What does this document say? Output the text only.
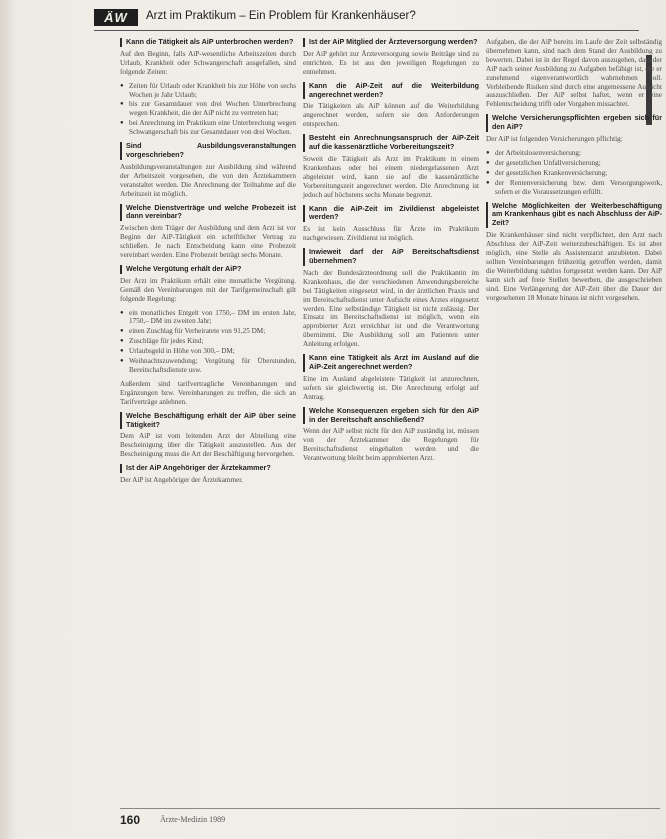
ÄW	Arzt im Praktikum – Ein Problem für Krankenhäuser?
Kann die Tätigkeit als AiP unterbrochen werden?
Auf den Beginn, falls AiP-wesentliche Arbeitszeiten durch Urlaub, Krankheit oder Schwangerschaft ausgefallen, sind folgende Zeiten:
● Zeiten für Urlaub oder Krankheit bis zur Höhe von sechs Wochen je Jahr Urlaub;
● bis zur Gesamtdauer von drei Wochen Unterbrechung wegen Krankheit, die der AiP nicht zu vertreten hat;
● bei Anrechnung im Praktikum eine Unterbrechung wegen Schwangerschaft bis zur Gesamtdauer von drei Wochen.
Sind Ausbildungsveranstaltungen vorgeschrieben?
Ausbildungsveranstaltungen zur Ausbildung sind während der Arbeitszeit vorgesehen, die von den Ärztekammern veranstaltet werden. Die Anrechnung der Teilnahme auf die Arbeitszeit ist möglich.
Welche Dienstverträge und welche Probezeit ist dann vereinbar?
Zwischen dem Träger der Ausbildung und dem Arzt ist vor Beginn der AiP-Tätigkeit ein schriftlicher Vertrag zu schließen. Je nach Entscheidung kann eine Probezeit vereinbart werden. Eine Probezeit beträgt sechs Monate.
Welche Vergütung erhält der AiP?
Der Arzt im Praktikum erhält eine monatliche Vergütung. Gemäß den Vereinbarungen mit der Tarifgemeinschaft gilt folgende Regelung:
● ein monatliches Entgelt von 1750,– DM im ersten Jahr, 1750,– DM im zweiten Jahr;
● einen Zuschlag für Verheiratete von 91,25 DM;
● Zuschläge für jedes Kind;
● Urlaubsgeld in Höhe von 300,– DM;
● Weihnachtszuwendung; Vergütung für Überstunden, Bereitschaftsdienste usw.
Außerdem sind tarifvertragliche Vereinbarungen und Ergänzungen bzw. Vereinbarungen zu treffen, die sich an Tarifverträge anlehnen.
Welche Beschäftigung erhält der AiP über seine Tätigkeit?
Dem AiP ist vom leitenden Arzt der Abteilung eine Bescheinigung über die Tätigkeit auszustellen. Aus der Bescheinigung muss die Art der Beschäftigung hervorgehen.
Ist der AiP Angehöriger der Ärztekammer?
Der AiP ist Angehöriger der Ärztekammer.
Ist der AiP Mitglied der Ärzteversorgung werden?
Der AiP gehört zur Ärzteversorgung sowie Beiträge sind zu entrichten. Es ist aus den jeweiligen Regelungen zu entnehmen.
Kann die AiP-Zeit auf die Weiterbildung angerechnet werden?
Die Tätigkeiten als AiP können auf die Weiterbildung angerechnet werden, sofern sie den Anforderungen entsprechen.
Besteht ein Anrechnungsanspruch der AiP-Zeit auf die kassenärztliche Vorbereitungszeit?
Soweit die Tätigkeit als Arzt im Praktikum in einem Krankenhaus oder bei einem niedergelassenen Arzt abgeleistet wird, kann sie auf die kassenärztliche Vorbereitungszeit angerechnet werden. Die Anrechnung ist jedoch auf höchstens sechs Monate begrenzt.
Kann die AiP-Zeit im Zivildienst abgeleistet werden?
Es ist kein Ausschluss für Ärzte im Praktikum nachgewiesen. Zivildienst ist möglich.
Inwieweit darf der AiP Bereitschaftsdienst übernehmen?
Nach der Bundesärzteordnung soll die Praktikantin im Krankenhaus, die der verschiedenen Anwendungsbereiche bei Tätigkeiten eingesetzt wird, in der ärztlichen Praxis und im Bereitschaftsdienst unter Aufsicht eines Arztes eingesetzt werden. Eine selbständige Tätigkeit ist nicht zulässig. Der Einsatz im Bereitschaftsdienst ist möglich, wenn ein approbierter Arzt erreichbar ist und die Verantwortung übernimmt. Die Ausbildung soll am Patienten unter Anleitung erfolgen.
Kann eine Tätigkeit als Arzt im Ausland auf die AiP-Zeit angerechnet werden?
Eine im Ausland abgeleistete Tätigkeit ist anzurechnen, sofern sie gleichwertig ist. Die Anrechnung erfolgt auf Antrag.
Welche Konsequenzen ergeben sich für den AiP in der Bereitschaft anschließend?
Wenn der AiP selbst nicht für den AiP zuständig ist, müssen von der Ärztekammer die Regelungen für Bereitschaftsdienst eingehalten werden und die Verantwortung bleibt beim approbierten Arzt.
Aufgaben, die der AiP bereits im Laufe der Zeit selbständig übernehmen kann, sind nach dem Stand der Ausbildung zu bewerten. Dabei ist in der Regel davon auszugehen, dass der AiP nach seiner Ausbildung zu Aufgaben befähigt ist, die er zunehmend eigenverantwortlich wahrnehmen soll. Verbleibende Risiken sind durch eine angemessene Aufsicht auszuschließen. Der AiP selbst haftet, wenn er eine Fehlentscheidung trifft oder Vorgaben missachtet.
Welche Versicherungspflichten ergeben sich für den AiP?
Der AiP ist folgenden Versicherungen pflichtig:
● der Arbeitslosenversicherung;
● der gesetzlichen Unfallversicherung;
● der gesetzlichen Krankenversicherung;
● der Rentenversicherung bzw. dem Versorgungswerk, sofern er die Voraussetzungen erfüllt.
Welche Möglichkeiten der Weiterbeschäftigung am Krankenhaus gibt es nach Abschluss der AiP-Zeit?
Die Krankenhäuser sind nicht verpflichtet, den Arzt nach Abschluss der AiP-Zeit weiterzubeschäftigen. Es ist aber möglich, eine Stelle als Assistenzarzt anzubieten. Dabei sollten Vereinbarungen frühzeitig getroffen werden, damit die Weiterbildung nahtlos fortgesetzt werden kann. Der AiP kann sich auf freie Stellen bewerben, die ausgeschrieben sind. Eine Verlängerung der AiP-Zeit über die Dauer der vorgesehenen 18 Monate hinaus ist nicht vorgesehen.
160 Ärzte-Medizin 1989
